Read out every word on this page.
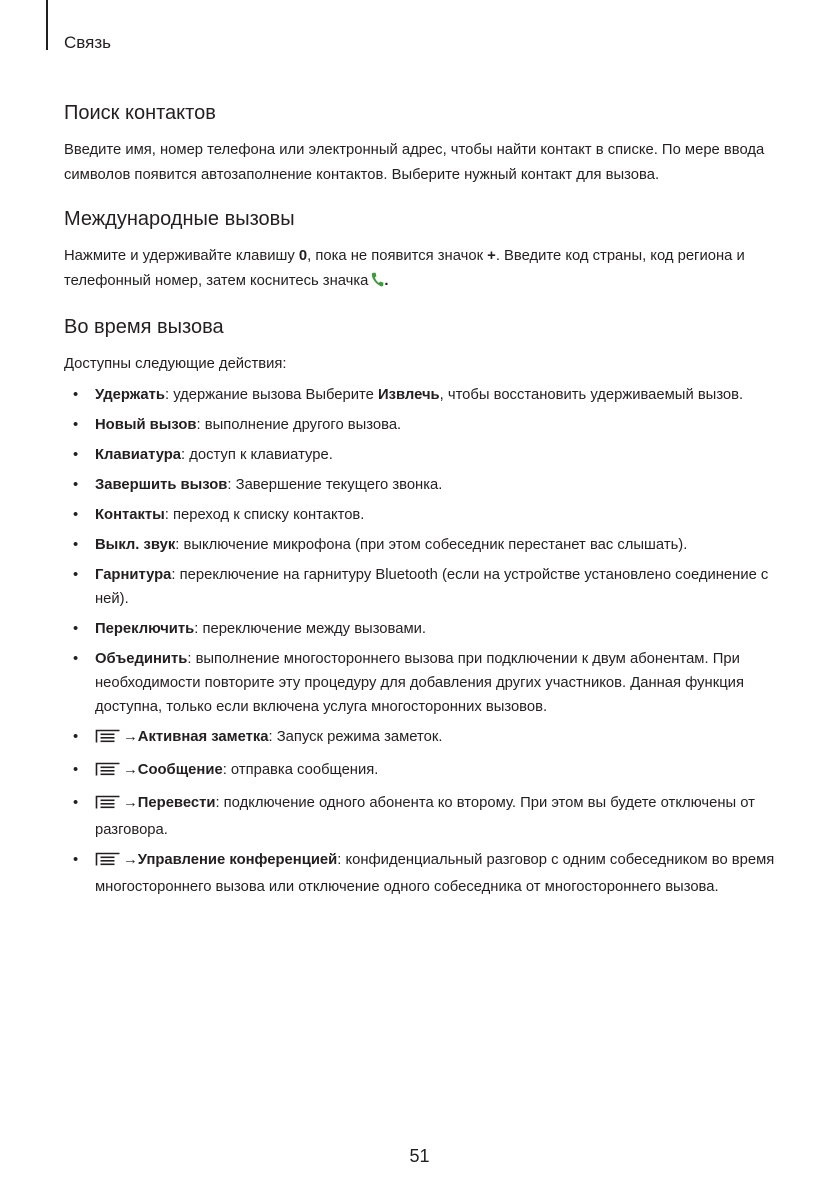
Связь
Поиск контактов

Введите имя, номер телефона или электронный адрес, чтобы найти контакт в списке. По мере ввода символов появится автозаполнение контактов. Выберите нужный контакт для вызова.

Международные вызовы

Нажмите и удерживайте клавишу 0, пока не появится значок +. Введите код страны, код региона и телефонный номер, затем коснитесь значка .

Во время вызова

Доступны следующие действия:

• Удержать: удержание вызова Выберите Извлечь, чтобы восстановить удерживаемый вызов.
• Новый вызов: выполнение другого вызова.
• Клавиатура: доступ к клавиатуре.
• Завершить вызов: Завершение текущего звонка.
• Контакты: переход к списку контактов.
• Выкл. звук: выключение микрофона (при этом собеседник перестанет вас слышать).
• Гарнитура: переключение на гарнитуру Bluetooth (если на устройстве установлено соединение с ней).
• Переключить: переключение между вызовами.
• Объединить: выполнение многостороннего вызова при подключении к двум абонентам. При необходимости повторите эту процедуру для добавления других участников. Данная функция доступна, только если включена услуга многосторонних вызовов.
•	→Активная заметка: Запуск режима заметок.
•	→Сообщение: отправка сообщения.
•	→Перевести: подключение одного абонента ко второму. При этом вы будете отключены от разговора.
•	→Управление конференцией: конфиденциальный разговор с одним собеседником во время многостороннего вызова или отключение одного собеседника от многостороннего вызова.
51
